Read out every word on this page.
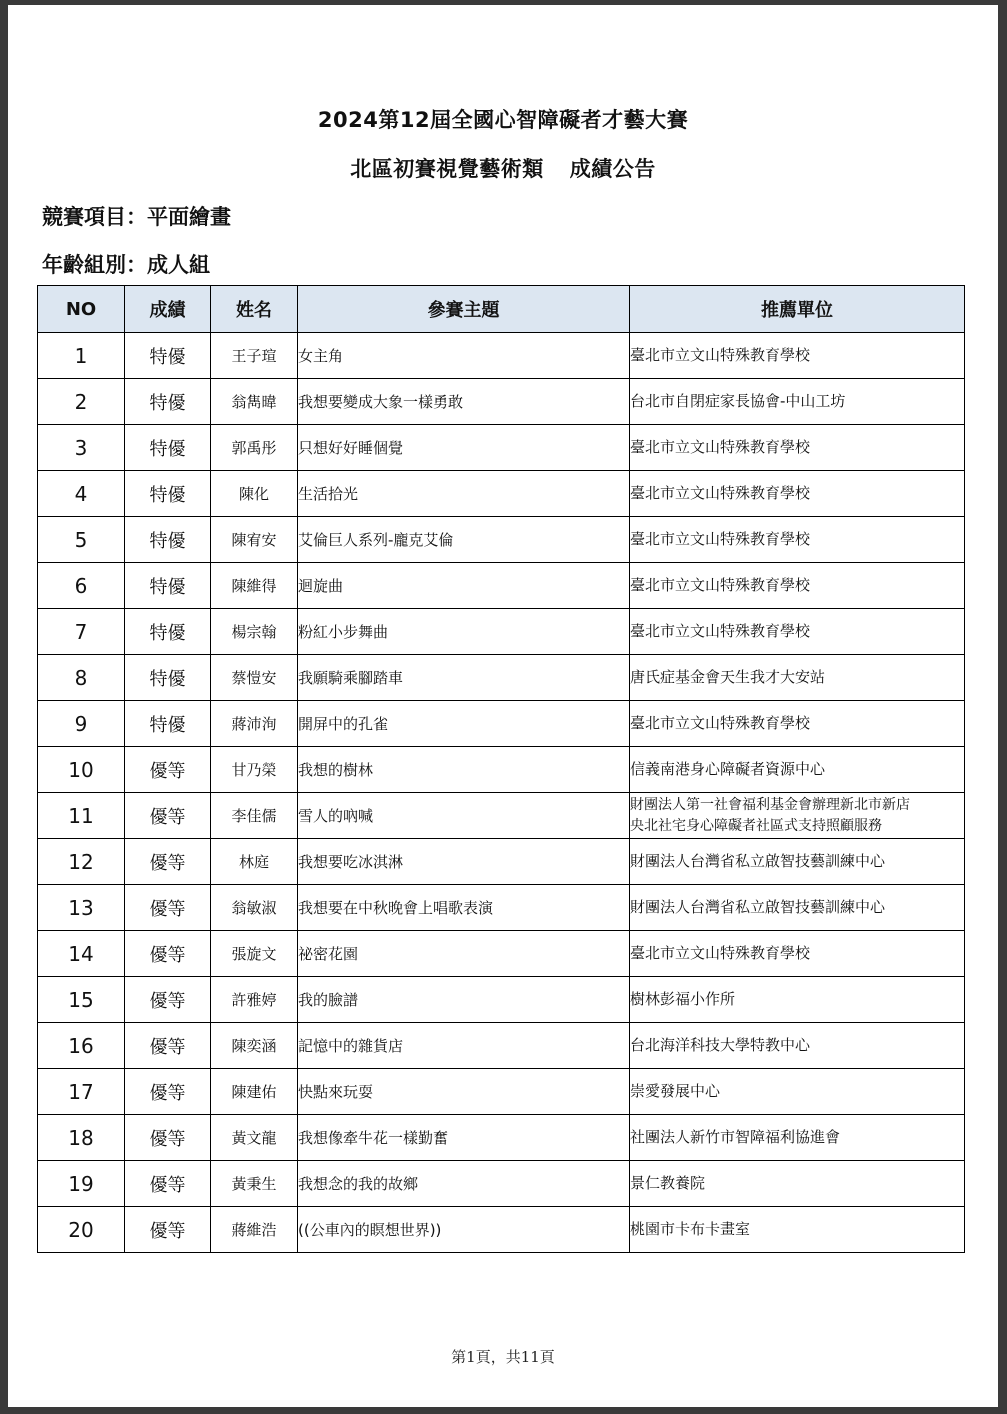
2024第12屆全國心智障礙者才藝大賽
北區初賽視覺藝術類 成績公告
競賽項目：平面繪畫
年齡組別：成人組
NO	成績	姓名	參賽主題	推薦單位
1	特優	王子瑄	女主角	臺北市立文山特殊教育學校
2	特優	翁雋暐	我想要變成大象一樣勇敢	台北市自閉症家長協會-中山工坊
3	特優	郭禹彤	只想好好睡個覺	臺北市立文山特殊教育學校
4	特優	陳化	生活拾光	臺北市立文山特殊教育學校
5	特優	陳宥安	艾倫巨人系列-龐克艾倫	臺北市立文山特殊教育學校
6	特優	陳維得	迴旋曲	臺北市立文山特殊教育學校
7	特優	楊宗翰	粉紅小步舞曲	臺北市立文山特殊教育學校
8	特優	蔡愷安	我願騎乘腳踏車	唐氏症基金會天生我才大安站
9	特優	蔣沛洵	開屏中的孔雀	臺北市立文山特殊教育學校
10	優等	甘乃榮	我想的樹林	信義南港身心障礙者資源中心
11	優等	李佳儒	雪人的吶喊	財團法人第一社會福利基金會辦理新北市新店
央北社宅身心障礙者社區式支持照顧服務
12	優等	林庭	我想要吃冰淇淋	財團法人台灣省私立啟智技藝訓練中心
13	優等	翁敏淑	我想要在中秋晚會上唱歌表演	財團法人台灣省私立啟智技藝訓練中心
14	優等	張旋文	祕密花園	臺北市立文山特殊教育學校
15	優等	許雅婷	我的臉譜	樹林彭福小作所
16	優等	陳奕涵	記憶中的雜貨店	台北海洋科技大學特教中心
17	優等	陳建佑	快點來玩耍	崇愛發展中心
18	優等	黃文龍	我想像牽牛花一樣勤奮	社團法人新竹市智障福利協進會
19	優等	黃秉生	我想念的我的故鄉	景仁教養院
20	優等	蔣維浩	((公車內的瞑想世界))	桃園市卡布卡畫室
第1頁，共11頁
